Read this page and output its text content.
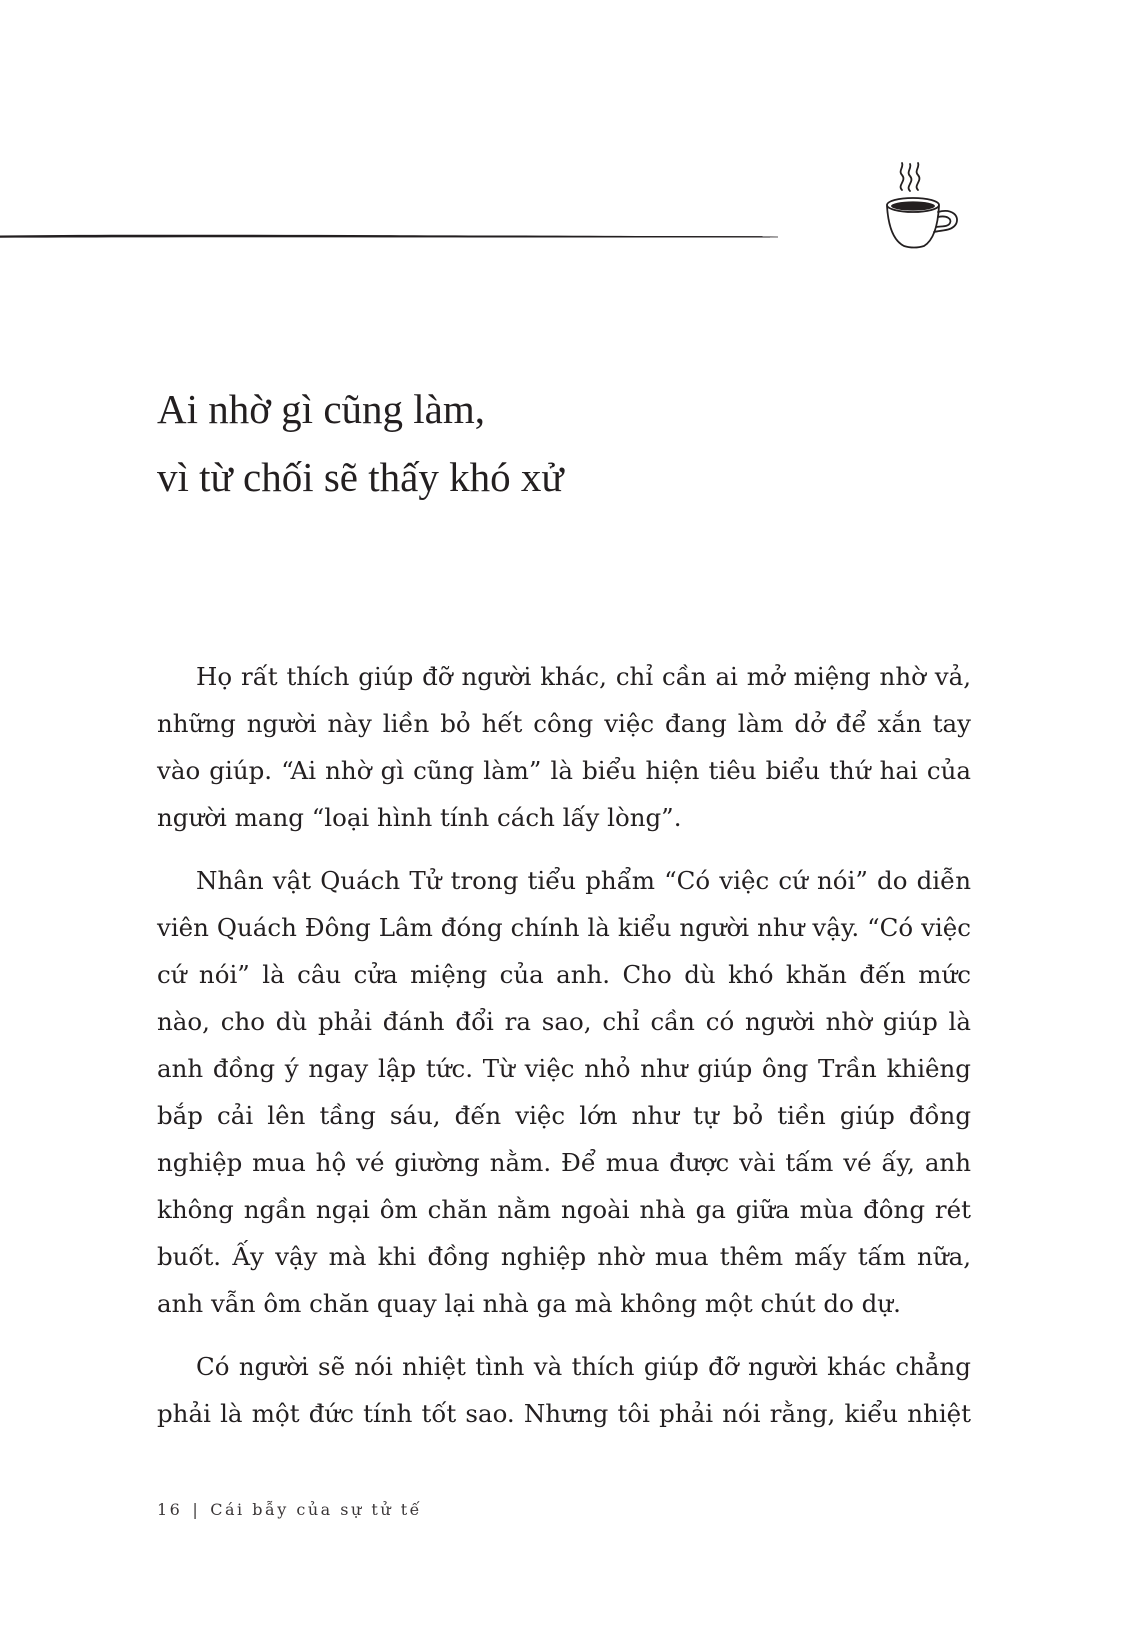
Ai nhờ gì cũng làm,
vì từ chối sẽ thấy khó xử

Họ rất thích giúp đỡ người khác, chỉ cần ai mở miệng nhờ vả, những người này liền bỏ hết công việc đang làm dở để xắn tay vào giúp. “Ai nhờ gì cũng làm” là biểu hiện tiêu biểu thứ hai của người mang “loại hình tính cách lấy lòng”.

Nhân vật Quách Tử trong tiểu phẩm “Có việc cứ nói” do diễn viên Quách Đông Lâm đóng chính là kiểu người như vậy. “Có việc cứ nói” là câu cửa miệng của anh. Cho dù khó khăn đến mức nào, cho dù phải đánh đổi ra sao, chỉ cần có người nhờ giúp là anh đồng ý ngay lập tức. Từ việc nhỏ như giúp ông Trần khiêng bắp cải lên tầng sáu, đến việc lớn như tự bỏ tiền giúp đồng nghiệp mua hộ vé giường nằm. Để mua được vài tấm vé ấy, anh không ngần ngại ôm chăn nằm ngoài nhà ga giữa mùa đông rét buốt. Ấy vậy mà khi đồng nghiệp nhờ mua thêm mấy tấm nữa, anh vẫn ôm chăn quay lại nhà ga mà không một chút do dự.

Có người sẽ nói nhiệt tình và thích giúp đỡ người khác chẳng phải là một đức tính tốt sao. Nhưng tôi phải nói rằng, kiểu nhiệt

16 | Cái bẫy của sự tử tế
